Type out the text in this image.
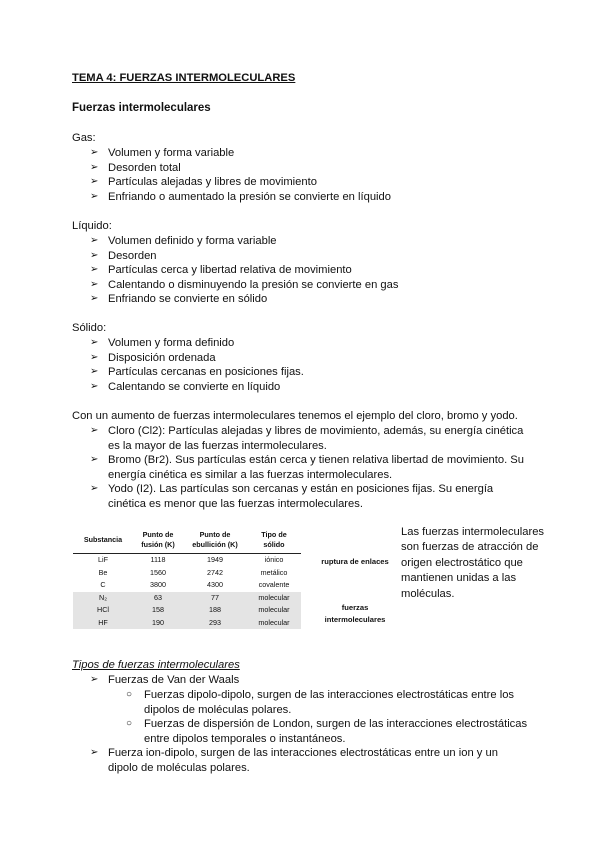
TEMA 4: FUERZAS INTERMOLECULARES
Fuerzas intermoleculares
Gas:
➢ Volumen y forma variable
➢ Desorden total
➢ Partículas alejadas y libres de movimiento
➢ Enfriando o aumentado la presión se convierte en líquido
Líquido:
➢ Volumen definido y forma variable
➢ Desorden
➢ Partículas cerca y libertad relativa de movimiento
➢ Calentando o disminuyendo la presión se convierte en gas
➢ Enfriando se convierte en sólido
Sólido:
➢ Volumen y forma definido
➢ Disposición ordenada
➢ Partículas cercanas en posiciones fijas.
➢ Calentando se convierte en líquido
Con un aumento de fuerzas intermoleculares tenemos el ejemplo del cloro, bromo y yodo.
➢ Cloro (Cl2): Partículas alejadas y libres de movimiento, además, su energía cinética es la mayor de las fuerzas intermoleculares.
➢ Bromo (Br2). Sus partículas están cerca y tienen relativa libertad de movimiento. Su energía cinética es similar a las fuerzas intermoleculares.
➢ Yodo (I2). Las partículas son cercanas y están en posiciones fijas. Su energía cinética es menor que las fuerzas intermoleculares.
Substancia	Punto de fusión (K)	Punto de ebullición (K)	Tipo de sólido
LiF	1118	1949	iónico
Be	1560	2742	metálico
C	3800	4300	covalente
N₂	63	77	molecular
HCl	158	188	molecular
HF	190	293	molecular
ruptura de enlaces
fuerzas intermoleculares
Las fuerzas intermoleculares son fuerzas de atracción de origen electrostático que mantienen unidas a las moléculas.
Tipos de fuerzas intermoleculares
➢ Fuerzas de Van der Waals
○ Fuerzas dipolo-dipolo, surgen de las interacciones electrostáticas entre los dipolos de moléculas polares.
○ Fuerzas de dispersión de London, surgen de las interacciones electrostáticas entre dipolos temporales o instantáneos.
➢ Fuerza ion-dipolo, surgen de las interacciones electrostáticas entre un ion y un dipolo de moléculas polares.
